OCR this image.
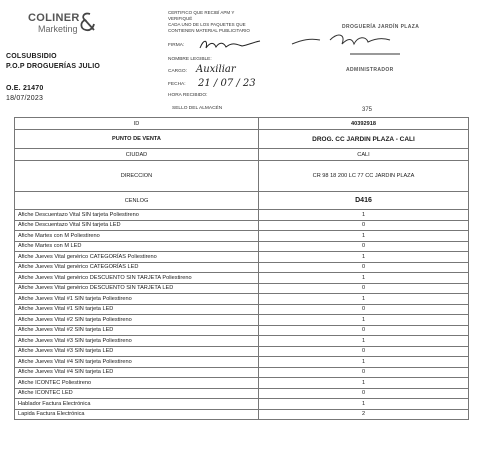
COLINER
Marketing
COLSUBSIDIO
P.O.P DROGUERÍAS JULIO
O.E. 21470
18/07/2023
CERTIFICO QUE RECIBÍ APM Y
VERIFIQUÉ
CADA UNO DE LOS PAQUETES QUE
CONTIENEN MATERIAL PUBLICITARIO
FIRMA:
NOMBRE LEGIBLE:
CARGO: Auxiliar
FECHA: 21 / 07 / 23
HORA RECIBIDO:
SELLO DEL ALMACÉN
DROGUERÍA JARDÍN PLAZA
ADMINISTRADOR
375
ID	40392918
PUNTO DE VENTA	DROG. CC JARDIN PLAZA - CALI
CIUDAD	CALI
DIRECCION	CR 98 18 200 LC 77 CC JARDIN PLAZA
CENLOG	D416
Afiche Descuentazo Vital SIN tarjeta Poliestireno	1
Afiche Descuentazo Vital SIN tarjeta LED	0
Afiche Martes con M Poliestireno	1
Afiche Martes con M LED	0
Afiche Jueves Vital genérico CATEGORÍAS Poliestireno	1
Afiche Jueves Vital genérico CATEGORÍAS LED	0
Afiche Jueves Vital genérico DESCUENTO SIN TARJETA Poliestireno	1
Afiche Jueves Vital genérico DESCUENTO SIN TARJETA LED	0
Afiche Jueves Vital #1 SIN tarjeta Poliestireno	1
Afiche Jueves Vital #1 SIN tarjeta LED	0
Afiche Jueves Vital #2 SIN tarjeta Poliestireno	1
Afiche Jueves Vital #2 SIN tarjeta LED	0
Afiche Jueves Vital #3 SIN tarjeta Poliestireno	1
Afiche Jueves Vital #3 SIN tarjeta LED	0
Afiche Jueves Vital #4 SIN tarjeta Poliestireno	1
Afiche Jueves Vital #4 SIN tarjeta LED	0
Afiche ICONTEC Poliestireno	1
Afiche ICONTEC LED	0
Hablador Factura Electrónica	1
Lapida Factura Electrónica	2
